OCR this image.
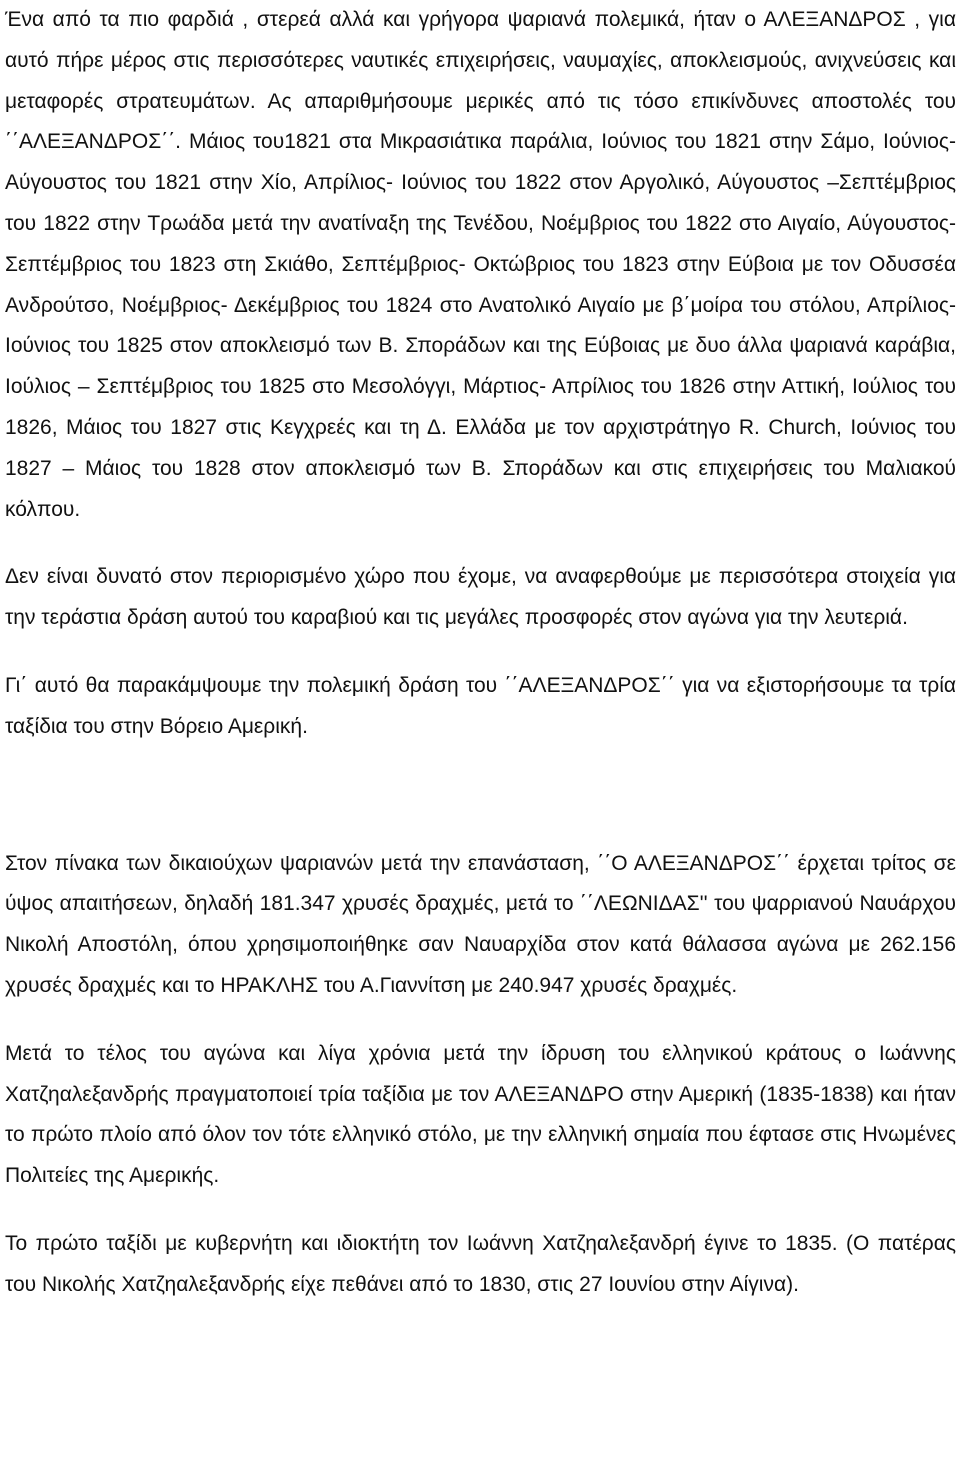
Ένα από τα πιο φαρδιά , στερεά αλλά και γρήγορα ψαριανά πολεμικά, ήταν ο ΑΛΕΞΑΝΔΡΟΣ , για αυτό πήρε μέρος στις περισσότερες ναυτικές επιχειρήσεις, ναυμαχίες, αποκλεισμούς, ανιχνεύσεις και μεταφορές στρατευμάτων. Ας απαριθμήσουμε μερικές από τις τόσο επικίνδυνες αποστολές του ΄΄ΑΛΕΞΑΝΔΡΟΣ΄΄. Μάιος του1821 στα Μικρασιάτικα παράλια, Ιούνιος του 1821 στην Σάμο, Ιούνιος- Αύγουστος του 1821 στην Χίο, Απρίλιος- Ιούνιος του 1822 στον Αργολικό, Αύγουστος –Σεπτέμβριος του 1822 στην Τρωάδα μετά την ανατίναξη της Τενέδου, Νοέμβριος του 1822 στο Αιγαίο, Αύγουστος- Σεπτέμβριος του 1823 στη Σκιάθο, Σεπτέμβριος- Οκτώβριος του 1823 στην Εύβοια με τον Οδυσσέα Ανδρούτσο, Νοέμβριος- Δεκέμβριος του 1824 στο Ανατολικό Αιγαίο με β΄μοίρα του στόλου, Απρίλιος- Ιούνιος του 1825 στον αποκλεισμό των Β. Σποράδων και της Εύβοιας με δυο άλλα ψαριανά καράβια, Ιούλιος – Σεπτέμβριος του 1825 στο Μεσολόγγι, Μάρτιος- Απρίλιος του 1826 στην Αττική, Ιούλιος του 1826, Μάιος του 1827 στις Κεγχρεές και τη Δ. Ελλάδα με τον αρχιστράτηγο R. Church, Ιούνιος του 1827 – Μάιος του 1828 στον αποκλεισμό των Β. Σποράδων και στις επιχειρήσεις του Μαλιακού κόλπου.

Δεν είναι δυνατό στον περιορισμένο χώρο που έχομε, να αναφερθούμε με περισσότερα στοιχεία για την τεράστια δράση αυτού του καραβιού και τις μεγάλες προσφορές στον αγώνα για την λευτεριά.

Γι΄ αυτό θα παρακάμψουμε την πολεμική δράση του ΄΄ΑΛΕΞΑΝΔΡΟΣ΄΄ για να εξιστορήσουμε τα τρία ταξίδια του στην Βόρειο Αμερική.

Στον πίνακα των δικαιούχων ψαριανών μετά την επανάσταση, ΄΄Ο ΑΛΕΞΑΝΔΡΟΣ΄΄ έρχεται τρίτος σε ύψος απαιτήσεων, δηλαδή 181.347 χρυσές δραχμές, μετά το ΄΄ΛΕΩΝΙΔΑΣ'' του ψαρριανού Ναυάρχου Νικολή Αποστόλη, όπου χρησιμοποιήθηκε σαν Ναυαρχίδα στον κατά θάλασσα αγώνα με 262.156 χρυσές δραχμές και το ΗΡΑΚΛΗΣ του Α.Γιαννίτση με 240.947 χρυσές δραχμές.

Μετά το τέλος του αγώνα και λίγα χρόνια μετά την ίδρυση του ελληνικού κράτους ο Ιωάννης Χατζηαλεξανδρής πραγματοποιεί τρία ταξίδια με τον ΑΛΕΞΑΝΔΡΟ στην Αμερική (1835-1838) και ήταν το πρώτο πλοίο από όλον τον τότε ελληνικό στόλο, με την ελληνική σημαία που έφτασε στις Ηνωμένες Πολιτείες της Αμερικής.

Το πρώτο ταξίδι με κυβερνήτη και ιδιοκτήτη τον Ιωάννη Χατζηαλεξανδρή έγινε το 1835. (Ο πατέρας του Νικολής Χατζηαλεξανδρής είχε πεθάνει από το 1830, στις 27 Ιουνίου στην Αίγινα).
